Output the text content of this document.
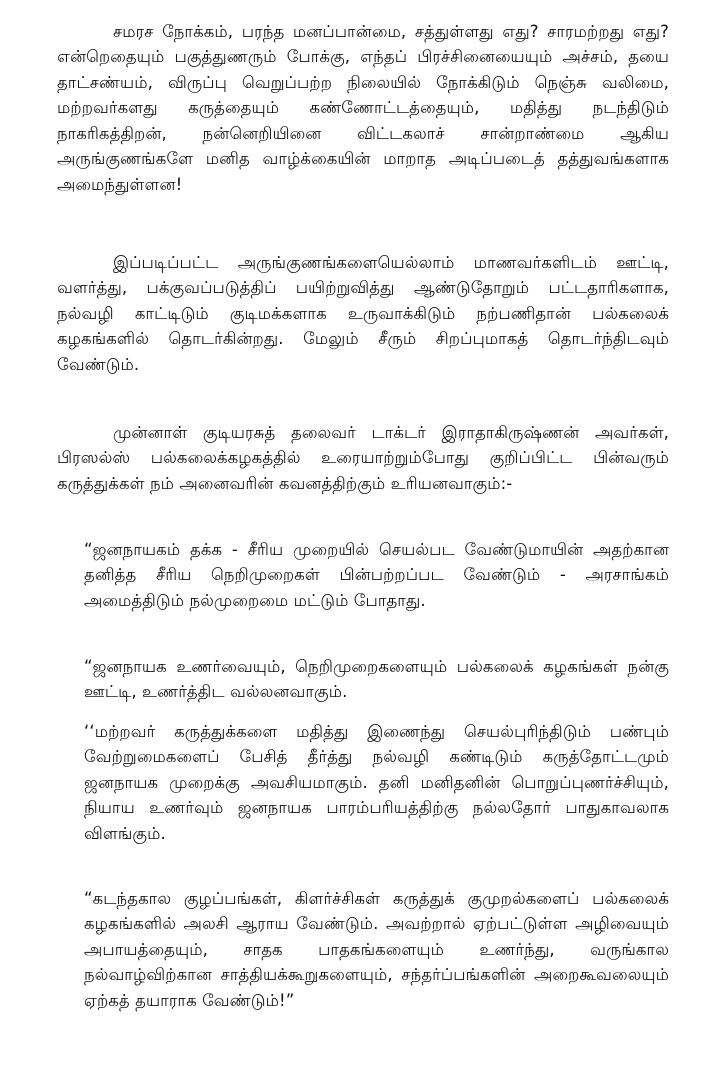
சமரச நோக்கம், பரந்த மனப்பான்மை, சத்துள்ளது எது? சாரமற்றது எது? என்றெதையும் பகுத்துணரும் போக்கு, எந்தப் பிரச்சினையையும் அச்சம், தயை தாட்சண்யம், விருப்பு வெறுப்பற்ற நிலையில் நோக்கிடும் நெஞ்சு வலிமை, மற்றவர்களது கருத்தையும் கண்ணோட்டத்தையும், மதித்து நடந்திடும் நாகரிகத்திறன், நன்னெறியினை விட்டகலாச் சான்றாண்மை ஆகிய அருங்குணங்களே மனித வாழ்க்கையின் மாறாத அடிப்படைத் தத்துவங்களாக அமைந்துள்ளன!

இப்படிப்பட்ட அருங்குணங்களையெல்லாம் மாணவர்களிடம் ஊட்டி, வளர்த்து, பக்குவப்படுத்திப் பயிற்றுவித்து ஆண்டுதோறும் பட்டதாரிகளாக, நல்வழி காட்டிடும் குடிமக்களாக உருவாக்கிடும் நற்பணிதான் பல்கலைக் கழகங்களில் தொடர்கின்றது. மேலும் சீரும் சிறப்புமாகத் தொடர்ந்திடவும் வேண்டும்.

முன்னாள் குடியரசுத் தலைவர் டாக்டர் இராதாகிருஷ்ணன் அவர்கள், பிரஸல்ஸ் பல்கலைக்கழகத்தில் உரையாற்றும்போது குறிப்பிட்ட பின்வரும் கருத்துக்கள் நம் அனைவரின் கவனத்திற்கும் உரியனவாகும்:-

“ஜனநாயகம் தக்க - சீரிய முறையில் செயல்பட வேண்டுமாயின் அதற்கான தனித்த சீரிய நெறிமுறைகள் பின்பற்றப்பட வேண்டும் - அரசாங்கம் அமைத்திடும் நல்முறைமை மட்டும் போதாது.

“ஜனநாயக உணர்வையும், நெறிமுறைகளையும் பல்கலைக் கழகங்கள் நன்கு ஊட்டி, உணர்த்திட வல்லனவாகும்.

‘‘மற்றவர் கருத்துக்களை மதித்து இணைந்து செயல்புரிந்திடும் பண்பும் வேற்றுமைகளைப் பேசித் தீர்த்து நல்வழி கண்டிடும் கருத்தோட்டமும் ஜனநாயக முறைக்கு அவசியமாகும். தனி மனிதனின் பொறுப்புணர்ச்சியும், நியாய உணர்வும் ஜனநாயக பாரம்பரியத்திற்கு நல்லதோர் பாதுகாவலாக விளங்கும்.

“கடந்தகால குழப்பங்கள், கிளர்ச்சிகள் கருத்துக் குமுறல்களைப் பல்கலைக் கழகங்களில் அலசி ஆராய வேண்டும். அவற்றால் ஏற்பட்டுள்ள அழிவையும் அபாயத்தையும், சாதக பாதகங்களையும் உணர்ந்து, வருங்கால நல்வாழ்விற்கான சாத்தியக்கூறுகளையும், சந்தர்ப்பங்களின் அறைகூவலையும் ஏற்கத் தயாராக வேண்டும்!”
